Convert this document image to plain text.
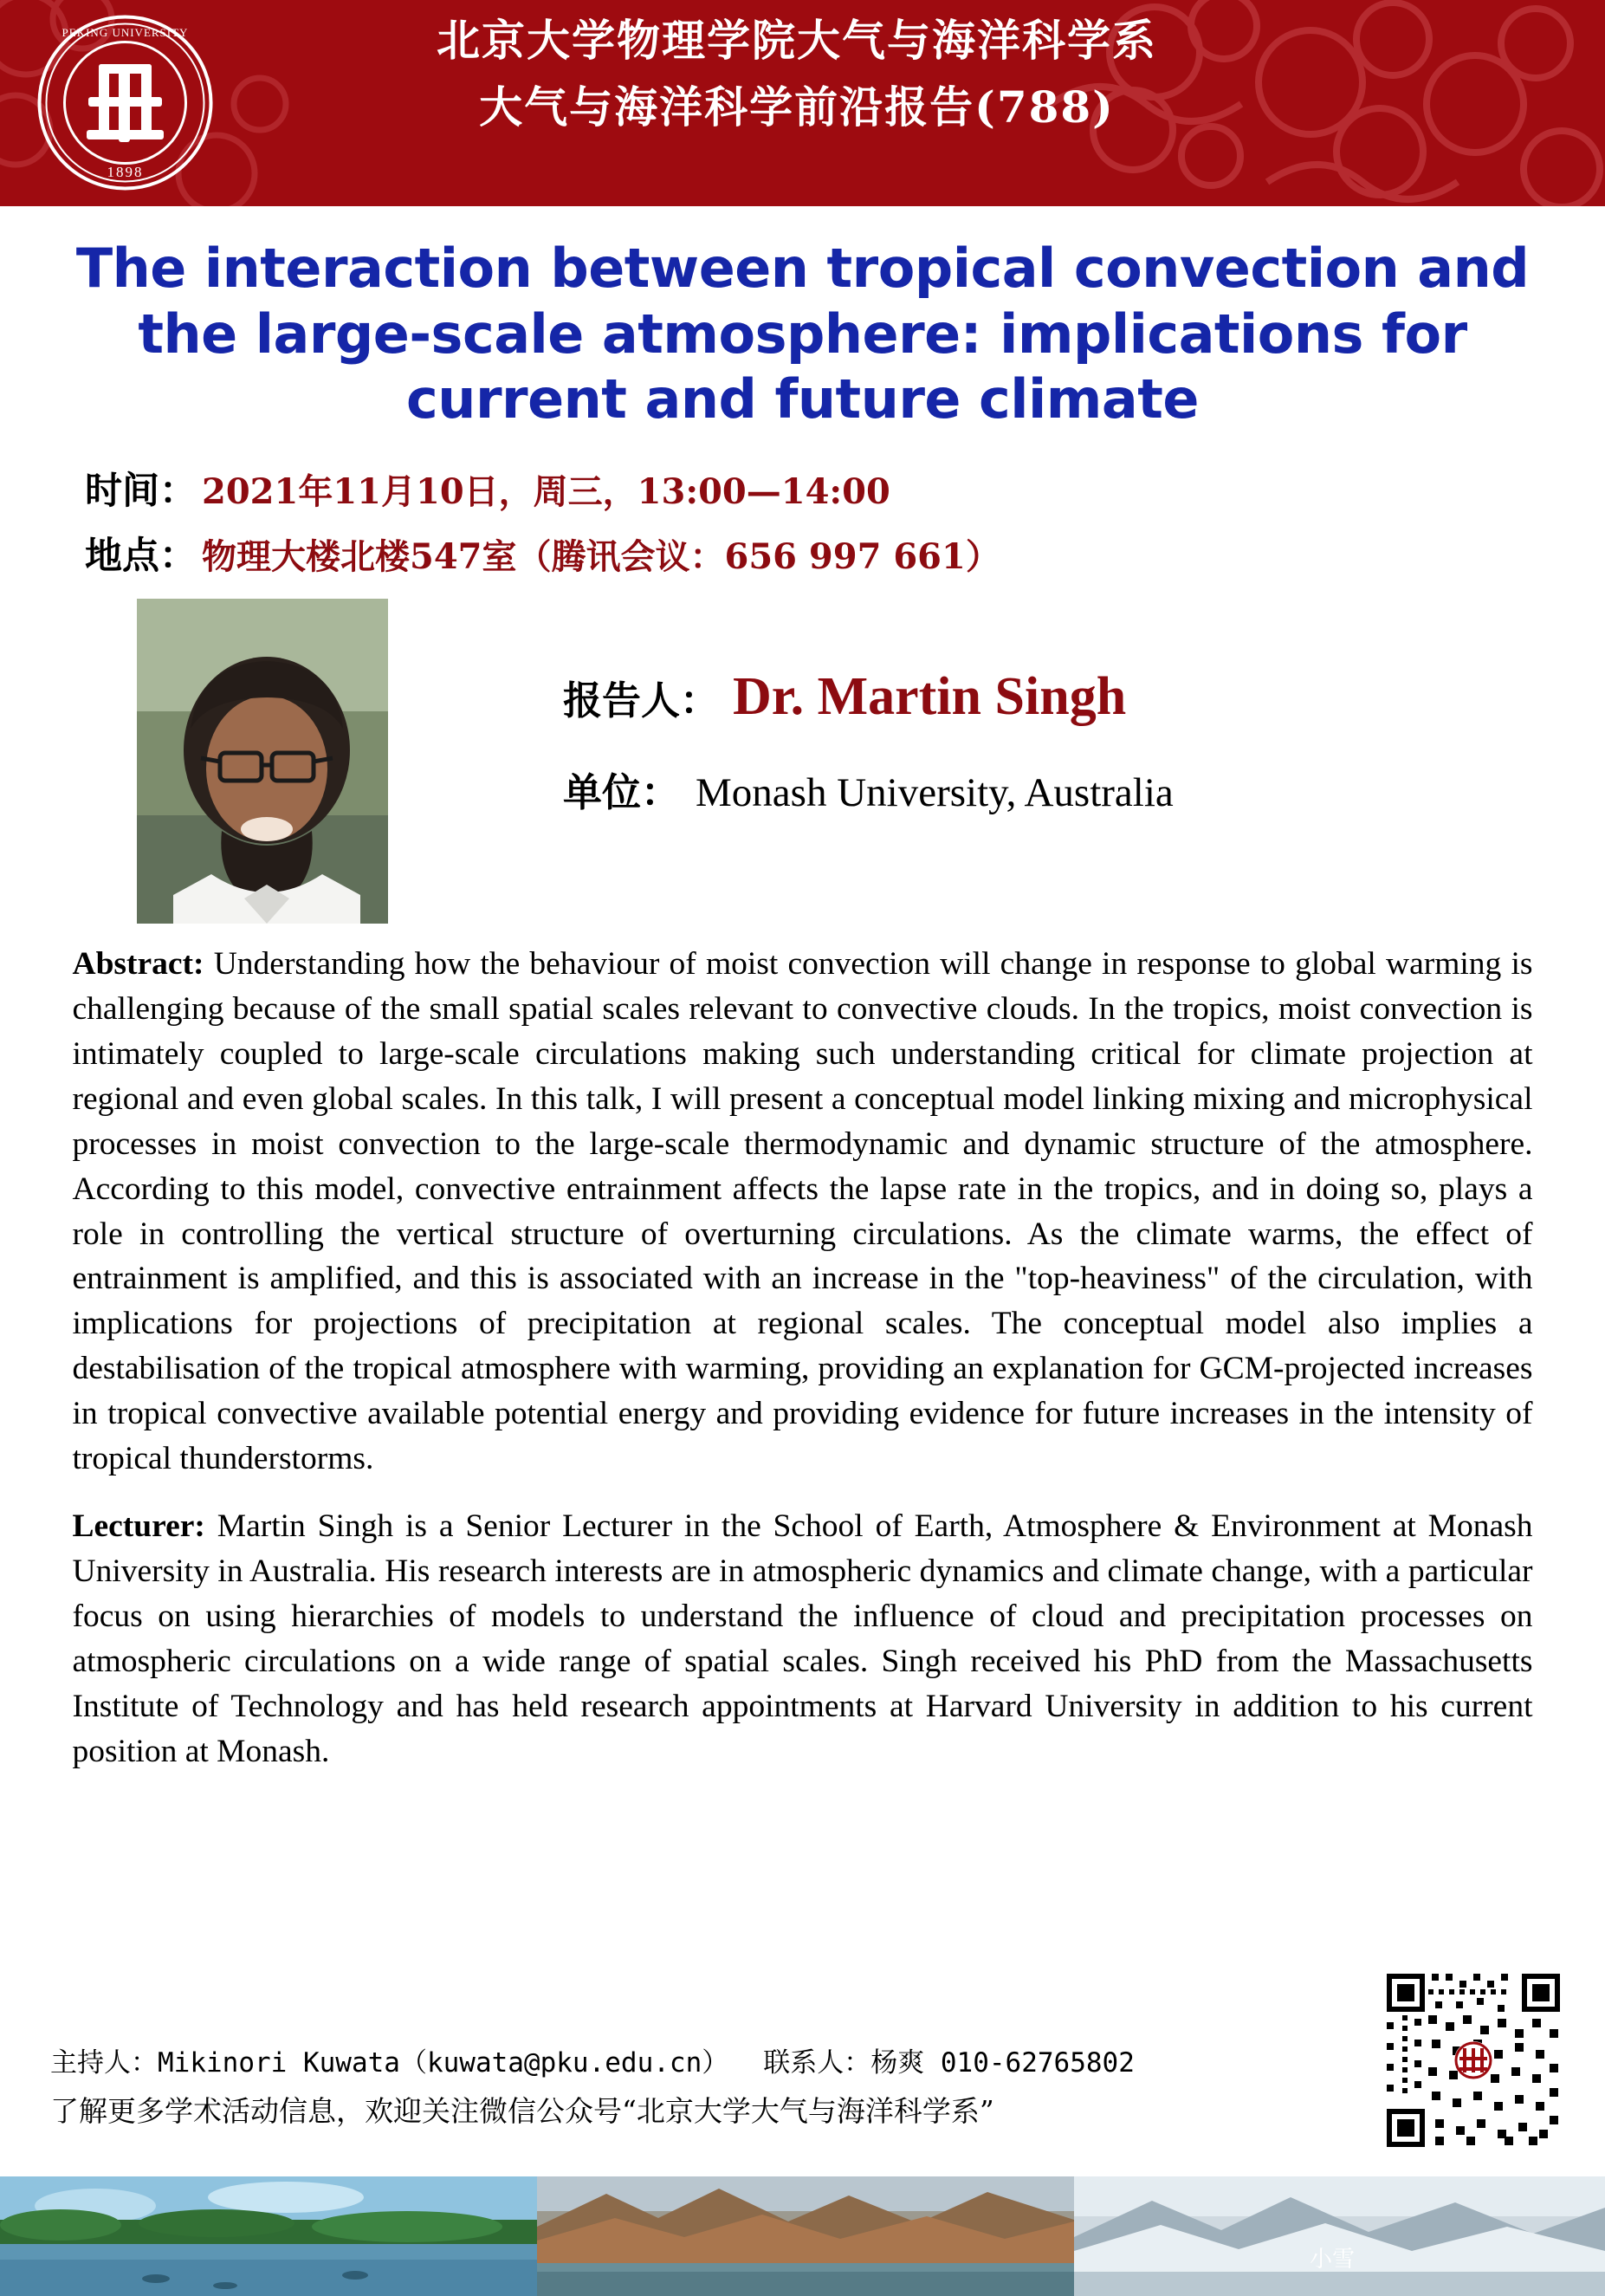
PEKING UNIVERSITY
1898
北京大学物理学院大气与海洋科学系
大气与海洋科学前沿报告(788)
The interaction between tropical convection and the large-scale atmosphere: implications for current and future climate
时间： 2021年11月10日，周三，13:00—14:00
地点： 物理大楼北楼547室（腾讯会议：656 997 661）
报告人： Dr. Martin Singh
单位： Monash University, Australia

Abstract: Understanding how the behaviour of moist convection will change in response to global warming is challenging because of the small spatial scales relevant to convective clouds. In the tropics, moist convection is intimately coupled to large-scale circulations making such understanding critical for climate projection at regional and even global scales. In this talk, I will present a conceptual model linking mixing and microphysical processes in moist convection to the large-scale thermodynamic and dynamic structure of the atmosphere. According to this model, convective entrainment affects the lapse rate in the tropics, and in doing so, plays a role in controlling the vertical structure of overturning circulations. As the climate warms, the effect of entrainment is amplified, and this is associated with an increase in the "top-heaviness" of the circulation, with implications for projections of precipitation at regional scales. The conceptual model also implies a destabilisation of the tropical atmosphere with warming, providing an explanation for GCM-projected increases in tropical convective available potential energy and providing evidence for future increases in the intensity of tropical thunderstorms.

Lecturer: Martin Singh is a Senior Lecturer in the School of Earth, Atmosphere & Environment at Monash University in Australia. His research interests are in atmospheric dynamics and climate change, with a particular focus on using hierarchies of models to understand the influence of cloud and precipitation processes on atmospheric circulations on a wide range of spatial scales. Singh received his PhD from the Massachusetts Institute of Technology and has held research appointments at Harvard University in addition to his current position at Monash.

主持人：Mikinori Kuwata（kuwata@pku.edu.cn） 联系人：杨爽 010-62765802
了解更多学术活动信息，欢迎关注微信公众号“北京大学大气与海洋科学系”
小雪
